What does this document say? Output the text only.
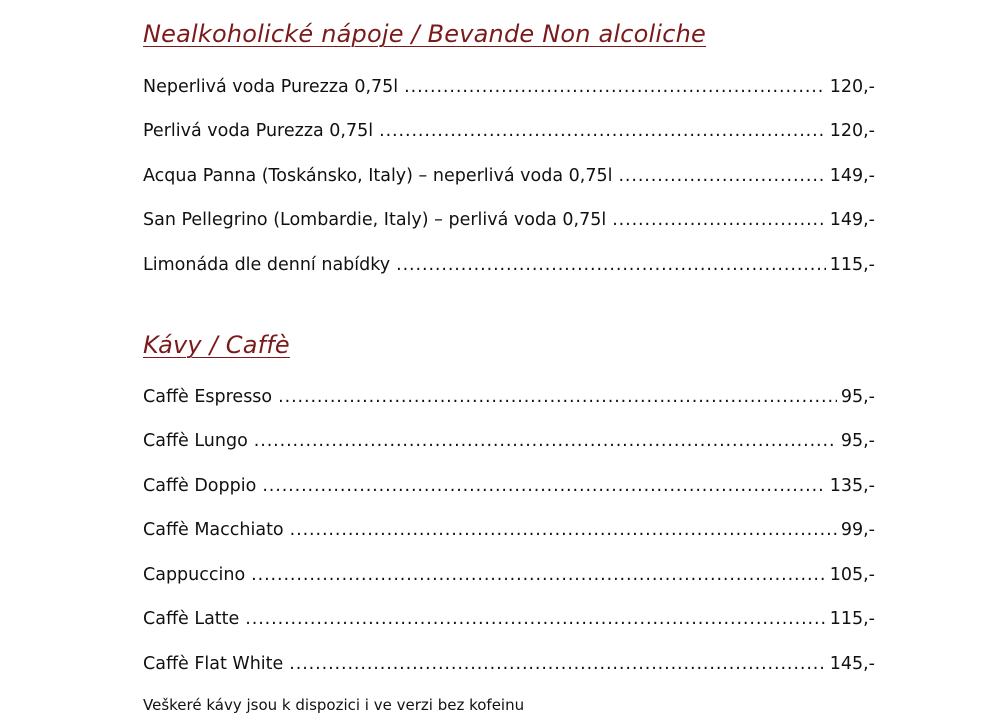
Nealkoholické nápoje / Bevande Non alcoliche
Neperlivá voda Purezza 0,75l .....	120,-
Perlivá voda Purezza 0,75l .....	120,-
Acqua Panna (Toskánsko, Italy) – neperlivá voda 0,75l .....	149,-
San Pellegrino (Lombardie, Italy) – perlivá voda 0,75l .....	149,-
Limonáda dle denní nabídky .....	115,-
Kávy / Caffè
Caffè Espresso .....	95,-
Caffè Lungo .....	95,-
Caffè Doppio .....	135,-
Caffè Macchiato .....	99,-
Cappuccino .....	105,-
Caffè Latte .....	115,-
Caffè Flat White .....	145,-
Veškeré kávy jsou k dispozici i ve verzi bez kofeinu
